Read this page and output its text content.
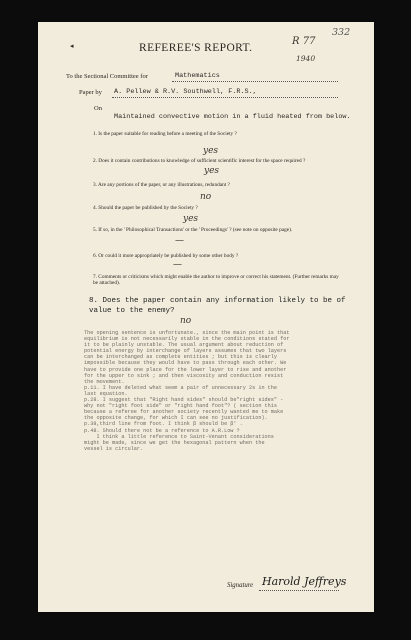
◂	REFEREE'S REPORT.
R 77
1940
332
To the Sectional Committee for	Mathematics
Paper by A. Pellew & R.V. Southwell, F.R.S.,
On
Maintained convective motion in a fluid heated from below.
1. Is the paper suitable for reading before a meeting of the Society ?
2. Does it contain contributions to knowledge of sufficient scientific interest for the space required ?
yes
3. Are any portions of the paper, or any illustrations, redundant ?
yes
4. Should the paper be published by the Society ?
no
5. If so, in the ' Philosophical Transactions' or the ' Proceedings' ? (see note on opposite page).
yes
6. Or could it more appropriately be published by some other body ?
—
7. Comments or criticisms which might enable the author to improve or correct his statement. (Further remarks may be attached).
—
8. Does the paper contain any information likely to be of value to the enemy?
no
The opening sentence is unfortunate., since the main point is that
equilibrium is not necessarily stable in the conditions stated for
it to be plainly unstable. The usual argument about reduction of
potential energy by interchange of layers assumes that two layers
can be interchanged as complete entities ; but this is clearly
impossible because they would have to pass through each other. We
have to provide one place for the lower layer to rise and another
for the upper to sink ; and then viscosity and conduction resist
the movement.
p.11. I have deleted what seem a pair of unnecessary 2s in the
last equation.
p.28. I suggest that "Right hand sides" should be"right sides" -
why not "right foot side" or "right hand foot"? ( section this
because a referee for another society recently wanted me to make
the opposite change, for which I can see no justification).
p.38,third line from foot. I think β should be β' .
p.48. Should there not be a reference to A.R.Low ?
I think a little reference to Saint-Venant considerations
might be made, since we get the hexagonal pattern when the
vessel is circular.
Signature Harold Jeffreys
